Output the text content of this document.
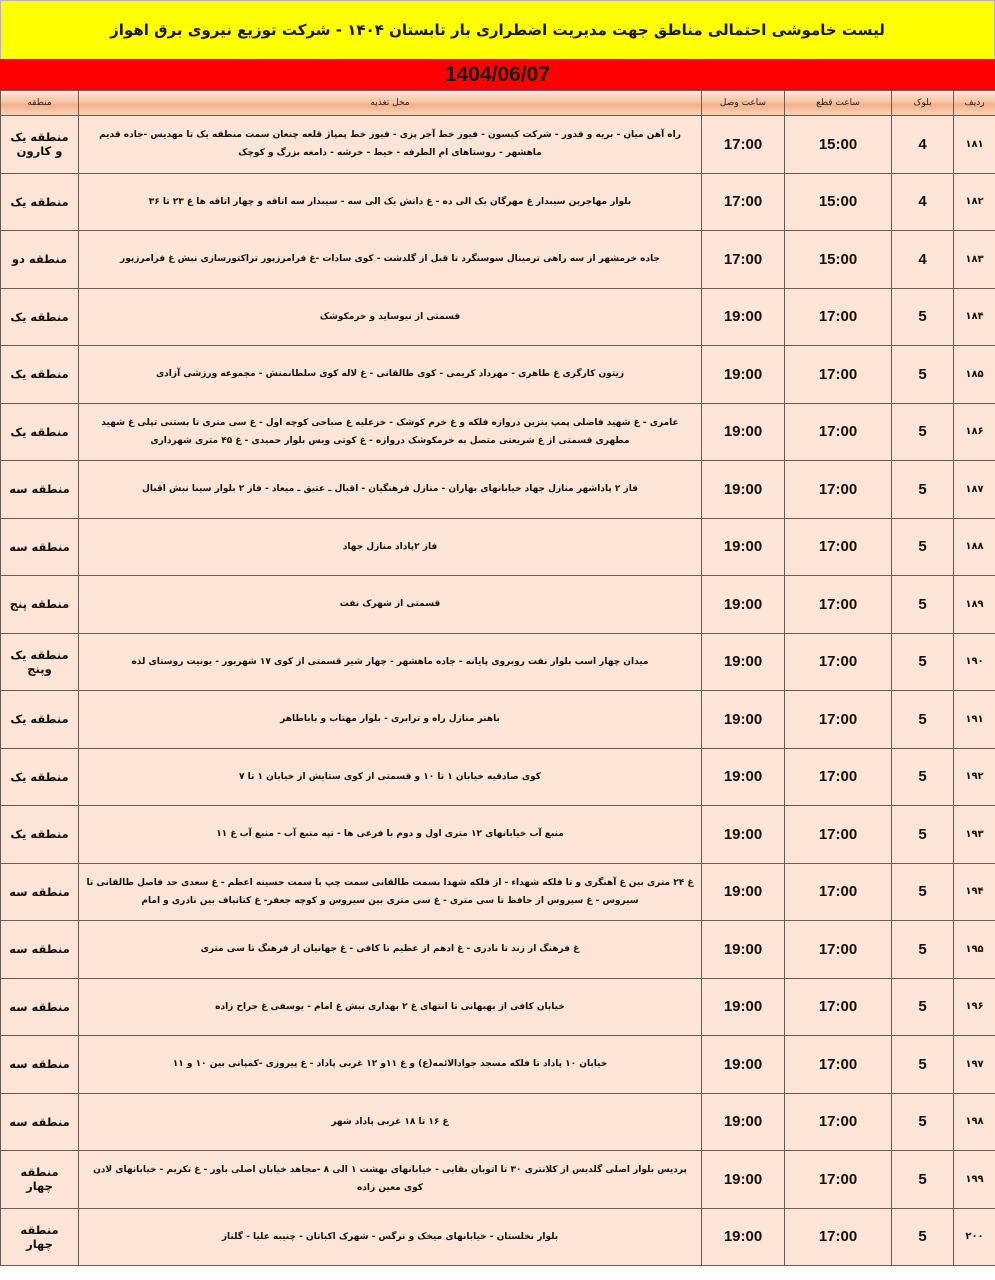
لیست خاموشی احتمالی مناطق جهت مدیریت اضطراری بار تابستان ۱۴۰۴ - شرکت توزیع نیروی برق اهواز
1404/06/07
ردیف	بلوک	ساعت قطع	ساعت وصل	محل تغذیه	منطقه
۱۸۱	4	15:00	17:00	راه آهن میان - بریه و قدور - شرکت کیسون - فیوز خط آجر پزی - فیوز خط پمپاژ قلعه چنعان سمت منطقه یک تا مهدیس -جاده قدیم ماهشهر - روستاهای ام الطرفه - خیط - خرشه - دامغه بزرگ و کوچک	منطقه یک و کارون
۱۸۲	4	15:00	17:00	بلوار مهاجرین سیبدار غ مهرگان یک الی ده - غ دانش یک الی سه - سیبدار سه اتاقه و چهار اتاقه ها غ ۲۳ تا ۳۶	منطقه یک
۱۸۳	4	15:00	17:00	جاده خرمشهر از سه راهی ترمینال سوسنگرد تا قبل از گلدشت - کوی سادات -غ فرامرزپور تراکتورسازی نبش غ فرامرزپور	منطقه دو
۱۸۴	5	17:00	19:00	قسمتی از نیوساید و خرمکوشک	منطقه یک
۱۸۵	5	17:00	19:00	زیتون کارگری غ طاهری - مهرداد کریمی - کوی طالقانی - غ لاله کوی سلطانمنش - مجموعه ورزشی آزادی	منطقه یک
۱۸۶	5	17:00	19:00	عامری - غ شهید فاضلی پمپ بنزین دروازه فلکه و غ خرم کوشک - خزعلیه غ صباحی کوچه اول - غ سی متری تا بستنی تپلی غ شهید مطهری قسمتی از غ شریعتی متصل به خرمکوشک دروازه - غ کوتی ویس بلوار حمیدی - غ ۴۵ متری شهرداری	منطقه یک
۱۸۷	5	17:00	19:00	فاز ۲ پاداشهر منازل جهاد خیابانهای بهاران - منازل فرهنگیان - اقبال ـ عتیق ـ میعاد - فاز ۲ بلوار سینا نبش اقبال	منطقه سه
۱۸۸	5	17:00	19:00	فاز ۲پاداد منازل جهاد	منطقه سه
۱۸۹	5	17:00	19:00	قسمتی از شهرک نفت	منطقه پنج
۱۹۰	5	17:00	19:00	میدان چهار اسب بلوار نفت روبروی پایانه - جاده ماهشهر - چهار شیر قسمتی از کوی ۱۷ شهریور - یونیت روستای لذه	منطقه یک وپنج
۱۹۱	5	17:00	19:00	باهنر منازل راه و ترابری - بلوار مهتاب و باباطاهر	منطقه یک
۱۹۲	5	17:00	19:00	کوی صادقیه خیابان ۱ تا ۱۰ و قسمتی از کوی ستایش از خیابان ۱ تا ۷	منطقه یک
۱۹۳	5	17:00	19:00	منبع آب خیابانهای ۱۲ متری اول و دوم با فرعی ها - تپه منبع آب - منبع آب غ ۱۱	منطقه یک
۱۹۴	5	17:00	19:00	غ ۲۴ متری بین غ آهنگری و تا فلکه شهداء - از فلکه شهدا بسمت طالقانی سمت چپ با سمت حسینه اعظم - غ سعدی حد فاصل طالقانی تا سیروس - غ سیروس از حافظ تا سی متری - غ سی متری بین سیروس و کوچه جعفر- غ کتانباف بین نادری و امام	منطقه سه
۱۹۵	5	17:00	19:00	غ فرهنگ از زند تا نادری - غ ادهم از عظیم تا کافی - غ جهانیان از فرهنگ تا سی متری	منطقه سه
۱۹۶	5	17:00	19:00	خیابان کافی از بهبهانی تا انتهای غ ۲ بهداری نبش غ امام - یوسفی غ جراح زاده	منطقه سه
۱۹۷	5	17:00	19:00	خیابان ۱۰ پاداد تا فلکه مسجد جوادالائمه(ع) و غ ۱۱و ۱۲ غربی پاداد - غ پیروزی -کمپانی بین ۱۰ و ۱۱	منطقه سه
۱۹۸	5	17:00	19:00	غ ۱۶ تا ۱۸ غربی پاداد شهر	منطقه سه
۱۹۹	5	17:00	19:00	پردیس بلوار اصلی گلدیس از کلانتری ۳۰ تا اتوبان بقایی - خیابانهای بهشت ۱ الی ۸ -مجاهد خیابان اصلی باور - غ تکریم - خیابانهای لادن کوی معین زاده	منطقه چهار
۲۰۰	5	17:00	19:00	بلوار نخلستان - خیابانهای میخک و نرگس - شهرک اکباتان - چنیبه علیا - گلناز	منطقه چهار
